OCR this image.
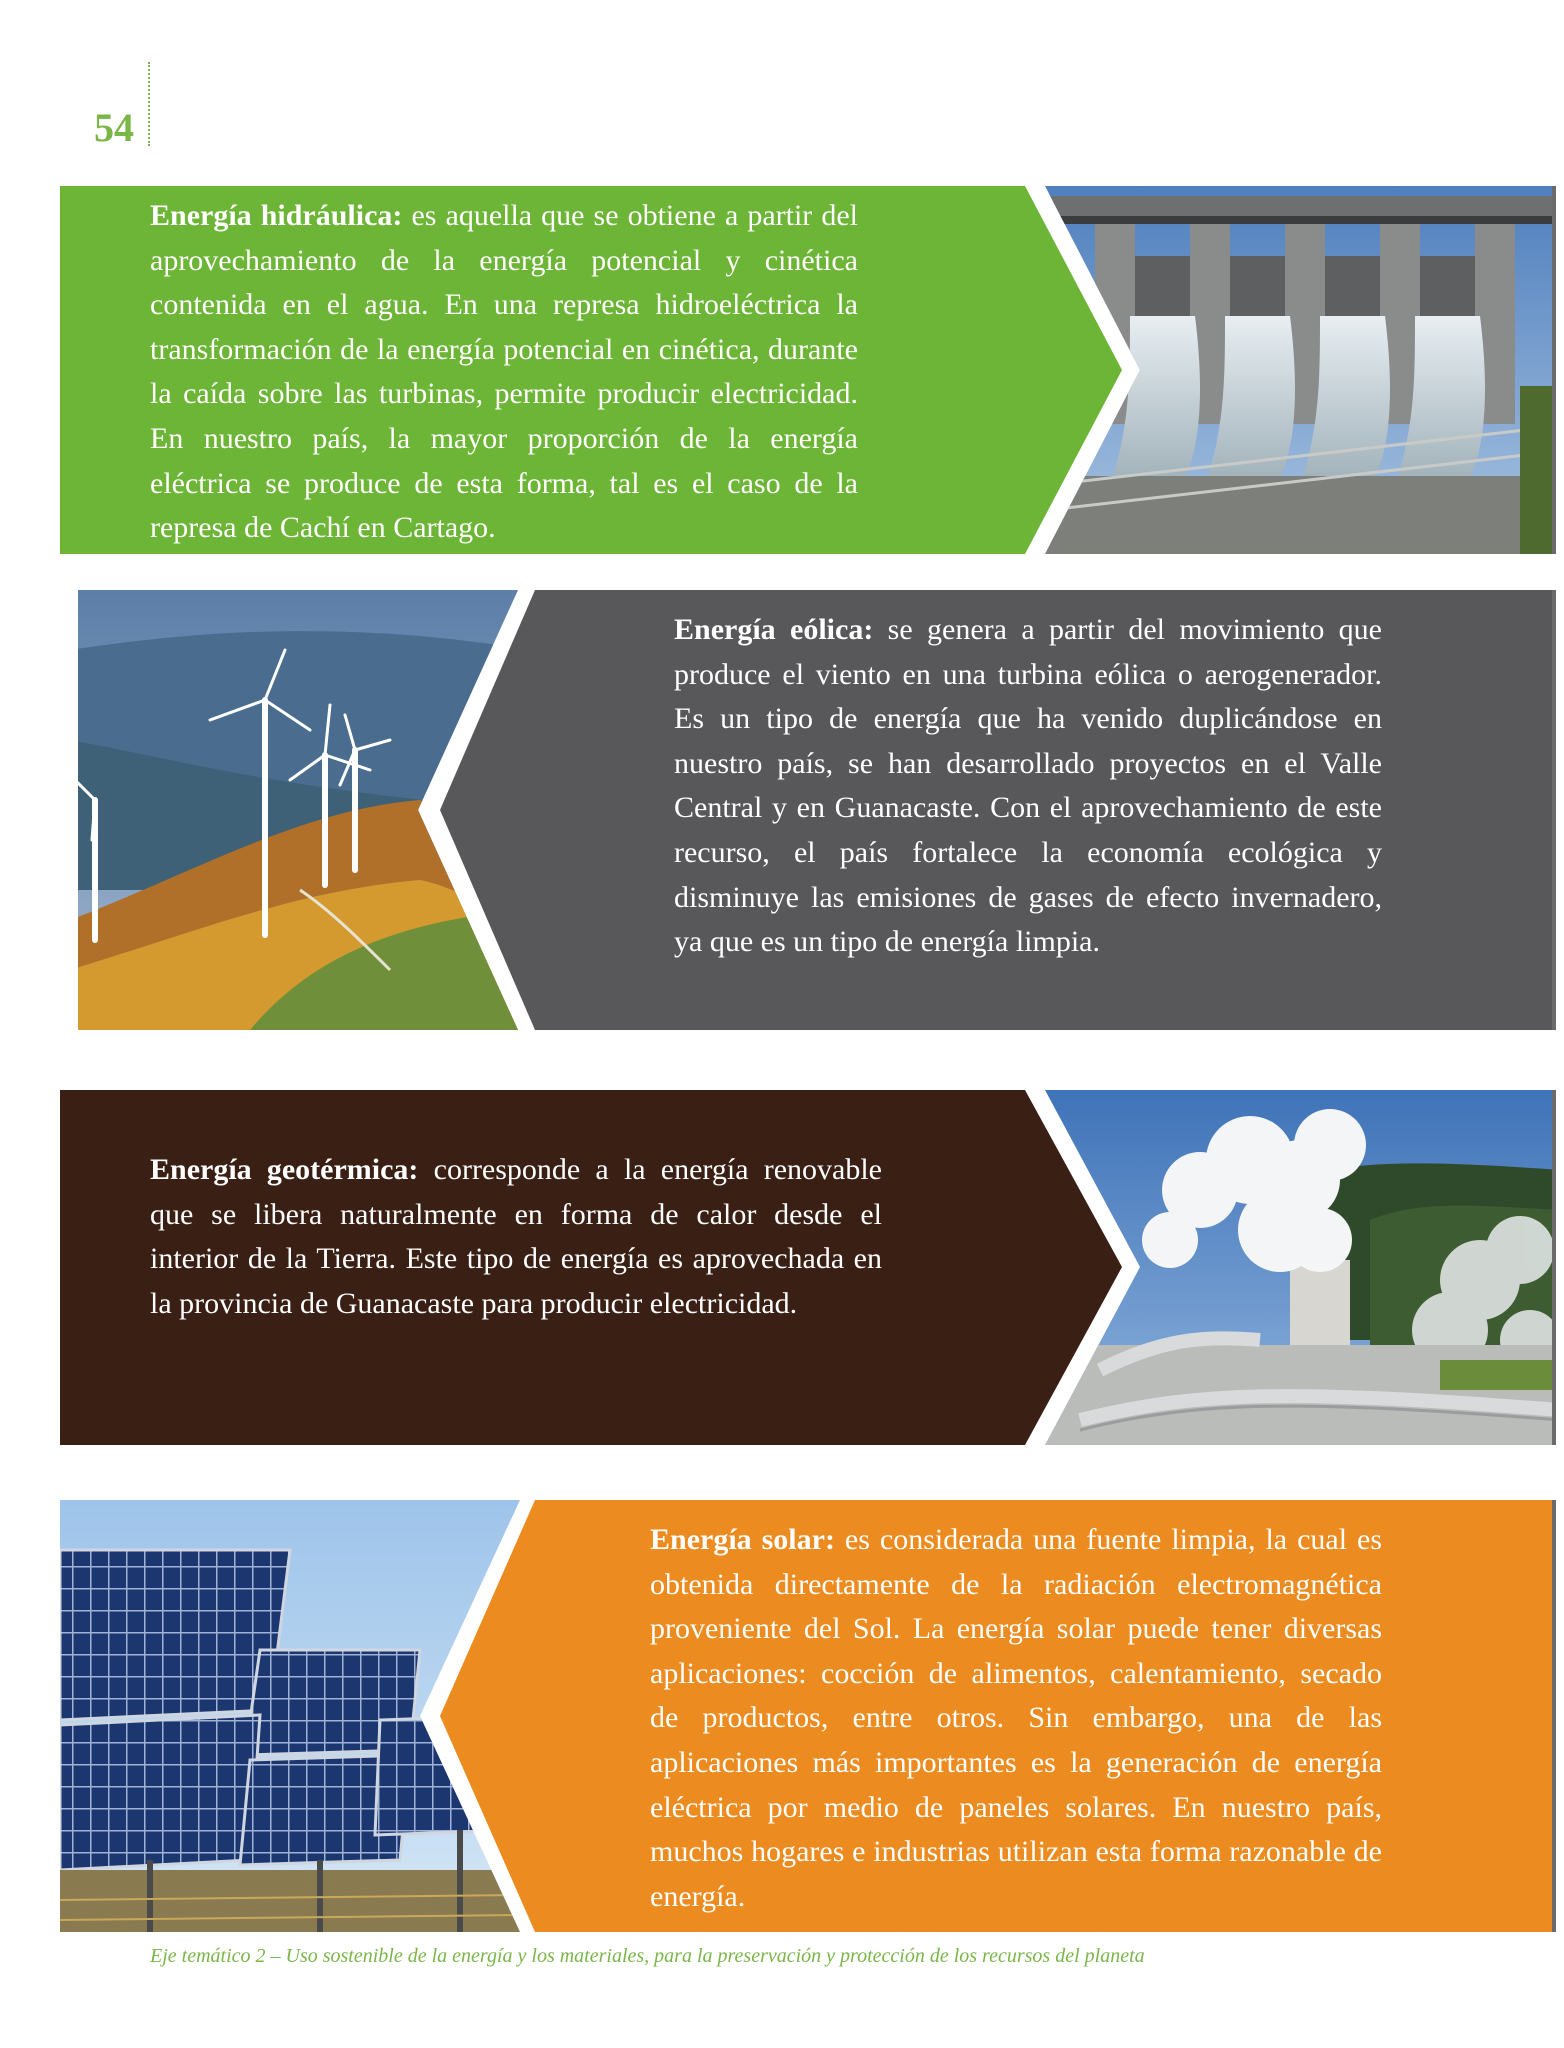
54
Energía hidráulica: es aquella que se obtiene a partir del aprovechamiento de la energía potencial y cinética contenida en el agua. En una represa hidroeléctrica la transformación de la energía potencial en cinética, durante la caída sobre las turbinas, permite producir electricidad. En nuestro país, la mayor proporción de la energía eléctrica se produce de esta forma, tal es el caso de la represa de Cachí en Cartago.
Energía eólica: se genera a partir del movimiento que produce el viento en una turbina eólica o aerogenerador. Es un tipo de energía que ha venido duplicándose en nuestro país, se han desarrollado proyectos en el Valle Central y en Guanacaste. Con el aprovechamiento de este recurso, el país fortalece la economía ecológica y disminuye las emisiones de gases de efecto invernadero, ya que es un tipo de energía limpia.
Energía geotérmica: corresponde a la energía renovable que se libera naturalmente en forma de calor desde el interior de la Tierra. Este tipo de energía es aprovechada en la provincia de Guanacaste para producir electricidad.
Energía solar: es considerada una fuente limpia, la cual es obtenida directamente de la radiación electromagnética proveniente del Sol. La energía solar puede tener diversas aplicaciones: cocción de alimentos, calentamiento, secado de productos, entre otros. Sin embargo, una de las aplicaciones más importantes es la generación de energía eléctrica por medio de paneles solares. En nuestro país, muchos hogares e industrias utilizan esta forma razonable de energía.
Eje temático 2 – Uso sostenible de la energía y los materiales, para la preservación y protección de los recursos del planeta
